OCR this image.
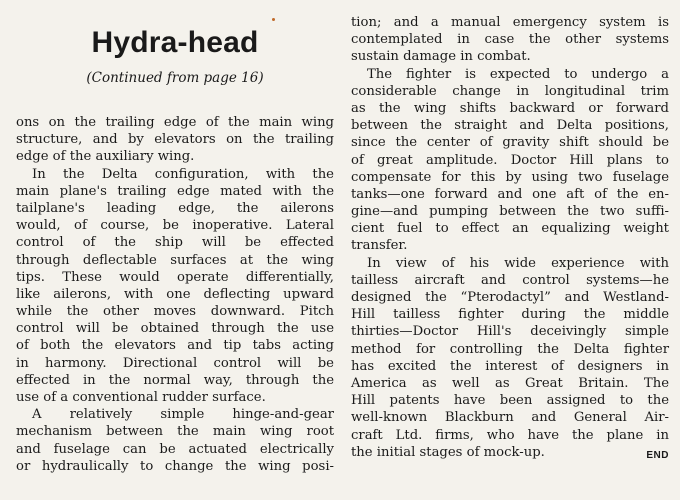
Hydra-head
(Continued from page 16)
ons on the trailing edge of the main wing
structure, and by elevators on the trailing
edge of the auxiliary wing.
In the Delta configuration, with the
main plane's trailing edge mated with the
tailplane's leading edge, the ailerons
would, of course, be inoperative. Lateral
control of the ship will be effected
through deflectable surfaces at the wing
tips. These would operate differentially,
like ailerons, with one deflecting upward
while the other moves downward. Pitch
control will be obtained through the use
of both the elevators and tip tabs acting
in harmony. Directional control will be
effected in the normal way, through the
use of a conventional rudder surface.
A relatively simple hinge-and-gear
mechanism between the main wing root
and fuselage can be actuated electrically
or hydraulically to change the wing posi-
tion; and a manual emergency system is
contemplated in case the other systems
sustain damage in combat.
The fighter is expected to undergo a
considerable change in longitudinal trim
as the wing shifts backward or forward
between the straight and Delta positions,
since the center of gravity shift should be
of great amplitude. Doctor Hill plans to
compensate for this by using two fuselage
tanks—one forward and one aft of the en-
gine—and pumping between the two suffi-
cient fuel to effect an equalizing weight
transfer.
In view of his wide experience with
tailless aircraft and control systems—he
designed the “Pterodactyl” and Westland-
Hill tailless fighter during the middle
thirties—Doctor Hill's deceivingly simple
method for controlling the Delta fighter
has excited the interest of designers in
America as well as Great Britain. The
Hill patents have been assigned to the
well-known Blackburn and General Air-
craft Ltd. firms, who have the plane in
the initial stages of mock-up.	END
